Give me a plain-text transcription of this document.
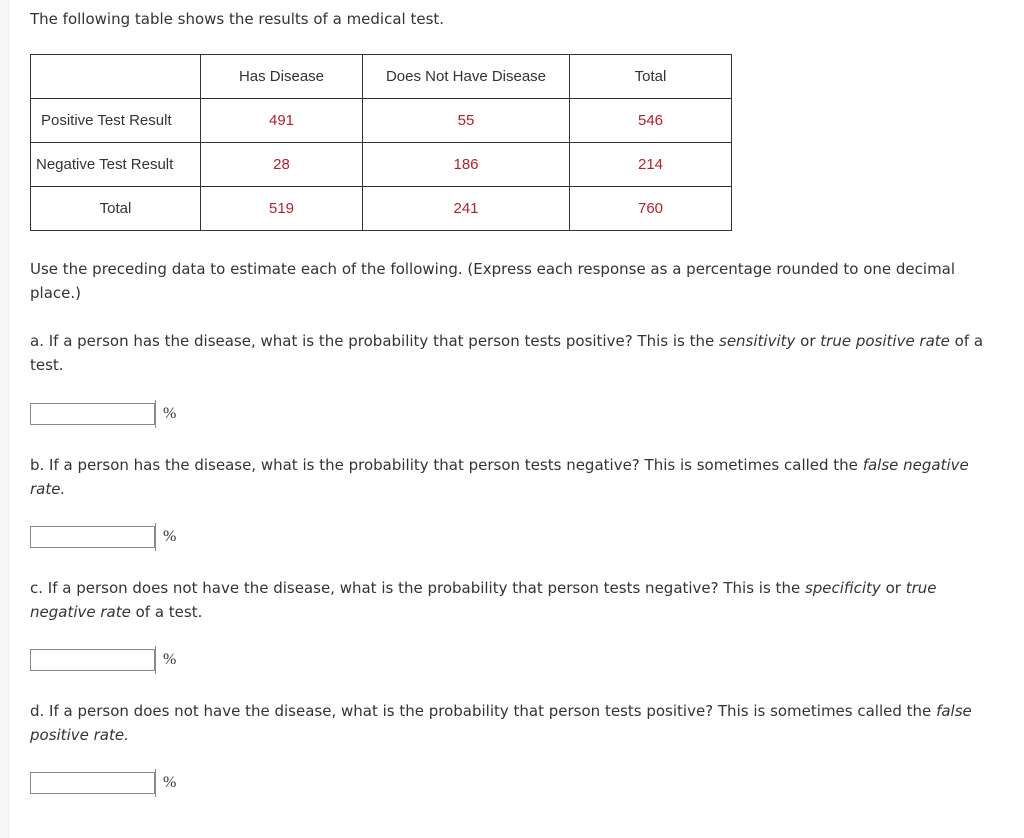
The following table shows the results of a medical test.

	Has Disease	Does Not Have Disease	Total
Positive Test Result	491	55	546
Negative Test Result	28	186	214
Total	519	241	760

Use the preceding data to estimate each of the following. (Express each response as a percentage rounded to one decimal place.)

a. If a person has the disease, what is the probability that person tests positive? This is the sensitivity or true positive rate of a test.

%

b. If a person has the disease, what is the probability that person tests negative? This is sometimes called the false negative rate.

%

c. If a person does not have the disease, what is the probability that person tests negative? This is the specificity or true negative rate of a test.

%

d. If a person does not have the disease, what is the probability that person tests positive? This is sometimes called the false positive rate.

%
